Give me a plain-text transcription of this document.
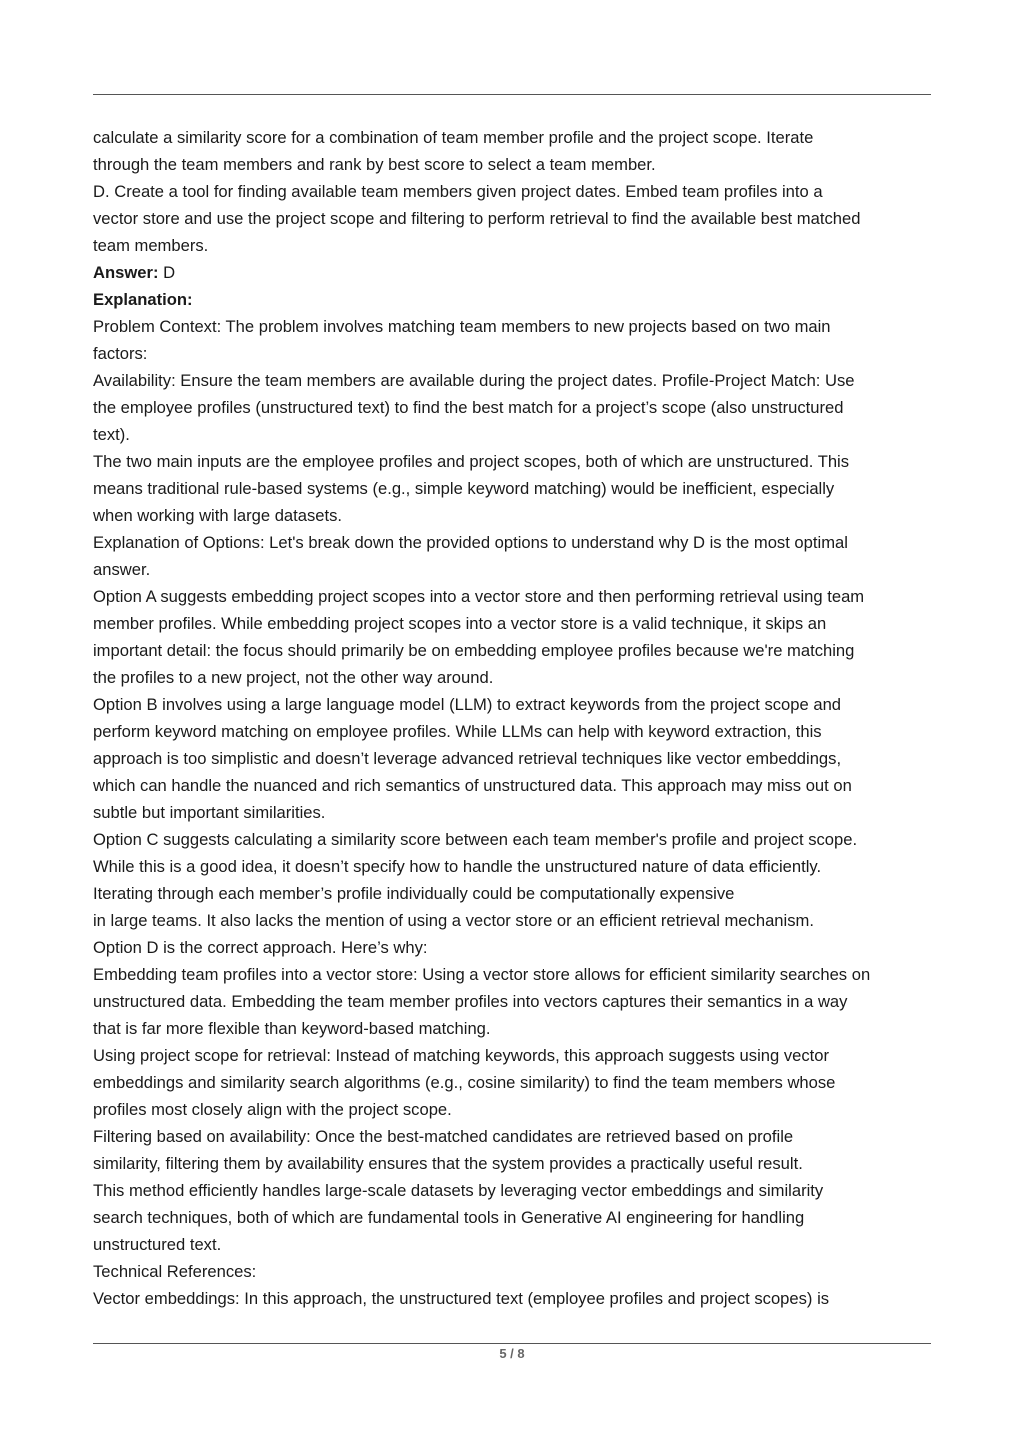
calculate a similarity score for a combination of team member profile and the project scope. Iterate
through the team members and rank by best score to select a team member.
D. Create a tool for finding available team members given project dates. Embed team profiles into a
vector store and use the project scope and filtering to perform retrieval to find the available best matched
team members.
Answer: D
Explanation:
Problem Context: The problem involves matching team members to new projects based on two main
factors:
Availability: Ensure the team members are available during the project dates. Profile-Project Match: Use
the employee profiles (unstructured text) to find the best match for a project’s scope (also unstructured
text).
The two main inputs are the employee profiles and project scopes, both of which are unstructured. This
means traditional rule-based systems (e.g., simple keyword matching) would be inefficient, especially
when working with large datasets.
Explanation of Options: Let's break down the provided options to understand why D is the most optimal
answer.
Option A suggests embedding project scopes into a vector store and then performing retrieval using team
member profiles. While embedding project scopes into a vector store is a valid technique, it skips an
important detail: the focus should primarily be on embedding employee profiles because we're matching
the profiles to a new project, not the other way around.
Option B involves using a large language model (LLM) to extract keywords from the project scope and
perform keyword matching on employee profiles. While LLMs can help with keyword extraction, this
approach is too simplistic and doesn’t leverage advanced retrieval techniques like vector embeddings,
which can handle the nuanced and rich semantics of unstructured data. This approach may miss out on
subtle but important similarities.
Option C suggests calculating a similarity score between each team member's profile and project scope.
While this is a good idea, it doesn’t specify how to handle the unstructured nature of data efficiently.
Iterating through each member’s profile individually could be computationally expensive
in large teams. It also lacks the mention of using a vector store or an efficient retrieval mechanism.
Option D is the correct approach. Here’s why:
Embedding team profiles into a vector store: Using a vector store allows for efficient similarity searches on
unstructured data. Embedding the team member profiles into vectors captures their semantics in a way
that is far more flexible than keyword-based matching.
Using project scope for retrieval: Instead of matching keywords, this approach suggests using vector
embeddings and similarity search algorithms (e.g., cosine similarity) to find the team members whose
profiles most closely align with the project scope.
Filtering based on availability: Once the best-matched candidates are retrieved based on profile
similarity, filtering them by availability ensures that the system provides a practically useful result.
This method efficiently handles large-scale datasets by leveraging vector embeddings and similarity
search techniques, both of which are fundamental tools in Generative AI engineering for handling
unstructured text.
Technical References:
Vector embeddings: In this approach, the unstructured text (employee profiles and project scopes) is
5 / 8
